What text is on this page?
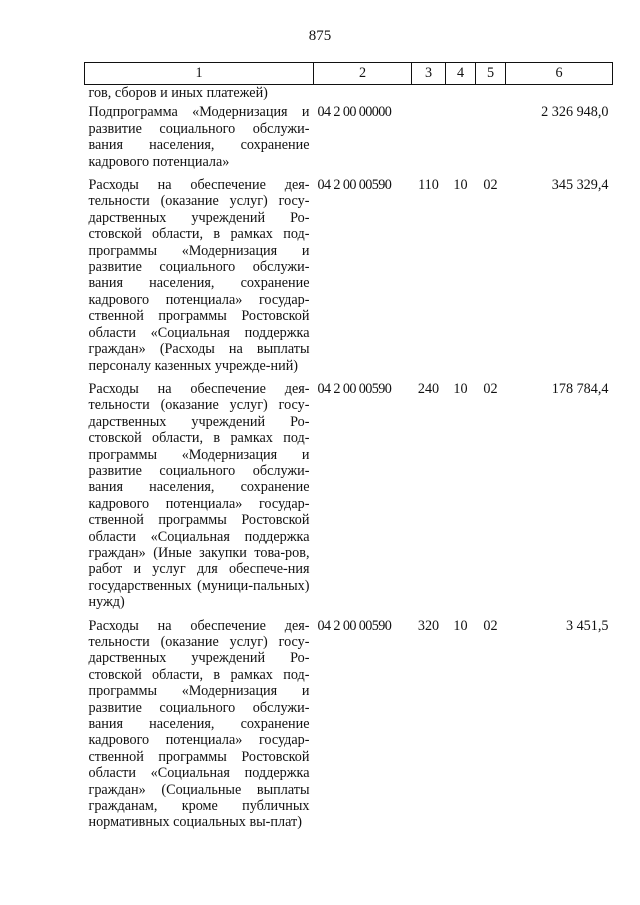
875
1	2	3	4	5	6
гов, сборов и иных платежей)					
Подпрограмма «Модернизация и развитие социального обслужи-вания населения, сохранение кадрового потенциала»	04 2 00 00000				2 326 948,0
Расходы на обеспечение дея-тельности (оказание услуг) госу-дарственных учреждений Ро-стовской области, в рамках под-программы «Модернизация и развитие социального обслужи-вания населения, сохранение кадрового потенциала» государ-ственной программы Ростовской области «Социальная поддержка граждан» (Расходы на выплаты персоналу казенных учрежде-ний)	04 2 00 00590	110	10	02	345 329,4
Расходы на обеспечение дея-тельности (оказание услуг) госу-дарственных учреждений Ро-стовской области, в рамках под-программы «Модернизация и развитие социального обслужи-вания населения, сохранение кадрового потенциала» государ-ственной программы Ростовской области «Социальная поддержка граждан» (Иные закупки това-ров, работ и услуг для обеспече-ния государственных (муници-пальных) нужд)	04 2 00 00590	240	10	02	178 784,4
Расходы на обеспечение дея-тельности (оказание услуг) госу-дарственных учреждений Ро-стовской области, в рамках под-программы «Модернизация и развитие социального обслужи-вания населения, сохранение кадрового потенциала» государ-ственной программы Ростовской области «Социальная поддержка граждан» (Социальные выплаты гражданам, кроме публичных нормативных социальных вы-плат)	04 2 00 00590	320	10	02	3 451,5
